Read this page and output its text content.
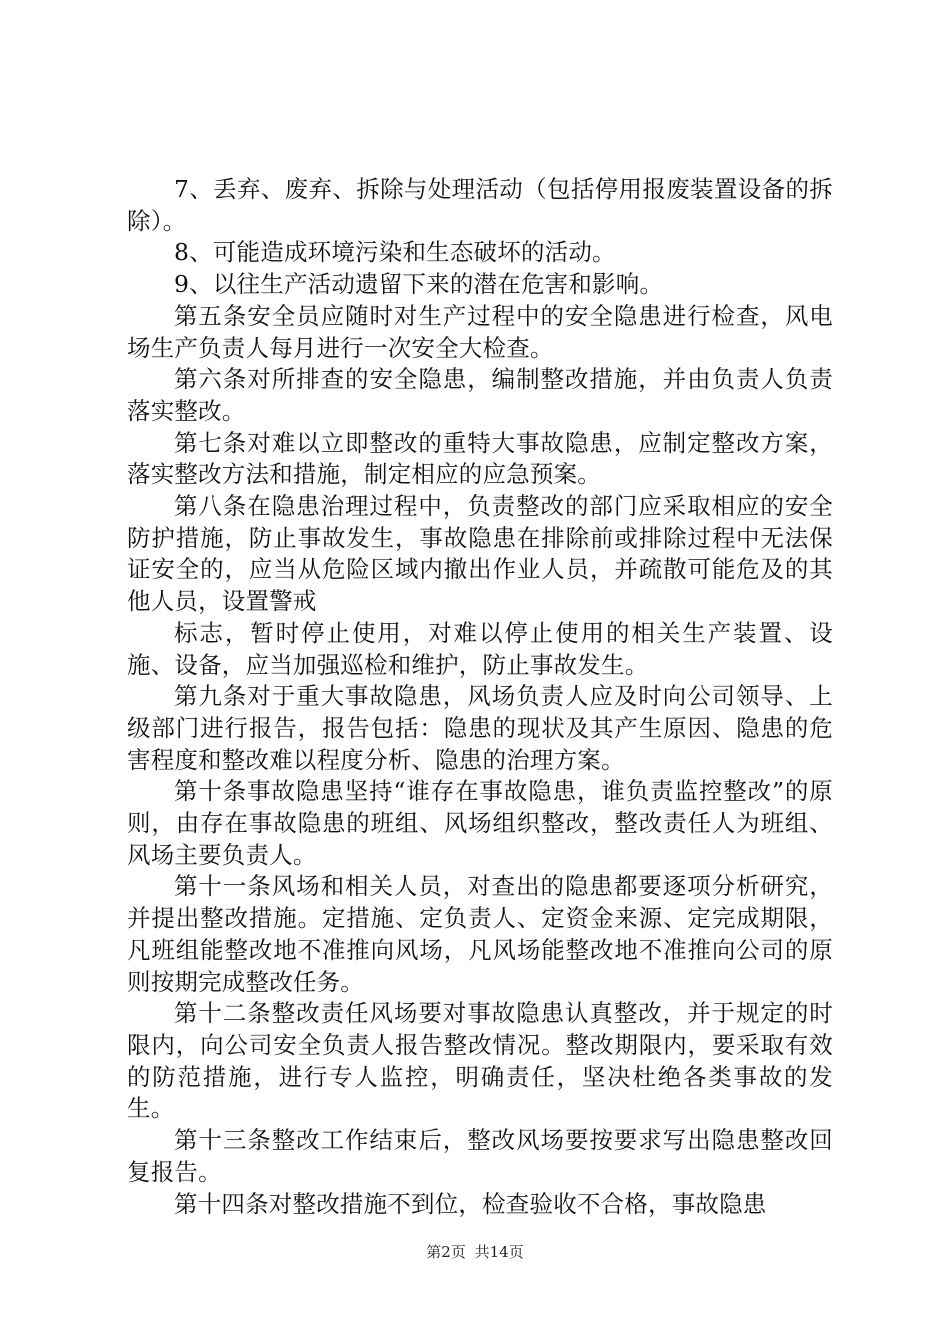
7、丢弃、废弃、拆除与处理活动（包括停用报废装置设备的拆除）。

8、可能造成环境污染和生态破坏的活动。

9、以往生产活动遗留下来的潜在危害和影响。

第五条安全员应随时对生产过程中的安全隐患进行检查，风电场生产负责人每月进行一次安全大检查。

第六条对所排查的安全隐患，编制整改措施，并由负责人负责落实整改。

第七条对难以立即整改的重特大事故隐患，应制定整改方案，落实整改方法和措施，制定相应的应急预案。

第八条在隐患治理过程中，负责整改的部门应采取相应的安全防护措施，防止事故发生，事故隐患在排除前或排除过程中无法保证安全的，应当从危险区域内撤出作业人员，并疏散可能危及的其他人员，设置警戒

标志，暂时停止使用，对难以停止使用的相关生产装置、设施、设备，应当加强巡检和维护，防止事故发生。

第九条对于重大事故隐患，风场负责人应及时向公司领导、上级部门进行报告，报告包括：隐患的现状及其产生原因、隐患的危害程度和整改难以程度分析、隐患的治理方案。

第十条事故隐患坚持“谁存在事故隐患，谁负责监控整改”的原则，由存在事故隐患的班组、风场组织整改，整改责任人为班组、风场主要负责人。

第十一条风场和相关人员，对查出的隐患都要逐项分析研究，并提出整改措施。定措施、定负责人、定资金来源、定完成期限，凡班组能整改地不准推向风场，凡风场能整改地不准推向公司的原则按期完成整改任务。

第十二条整改责任风场要对事故隐患认真整改，并于规定的时限内，向公司安全负责人报告整改情况。整改期限内，要采取有效的防范措施，进行专人监控，明确责任，坚决杜绝各类事故的发生。

第十三条整改工作结束后，整改风场要按要求写出隐患整改回复报告。

第十四条对整改措施不到位，检查验收不合格，事故隐患

第2页 共14页
